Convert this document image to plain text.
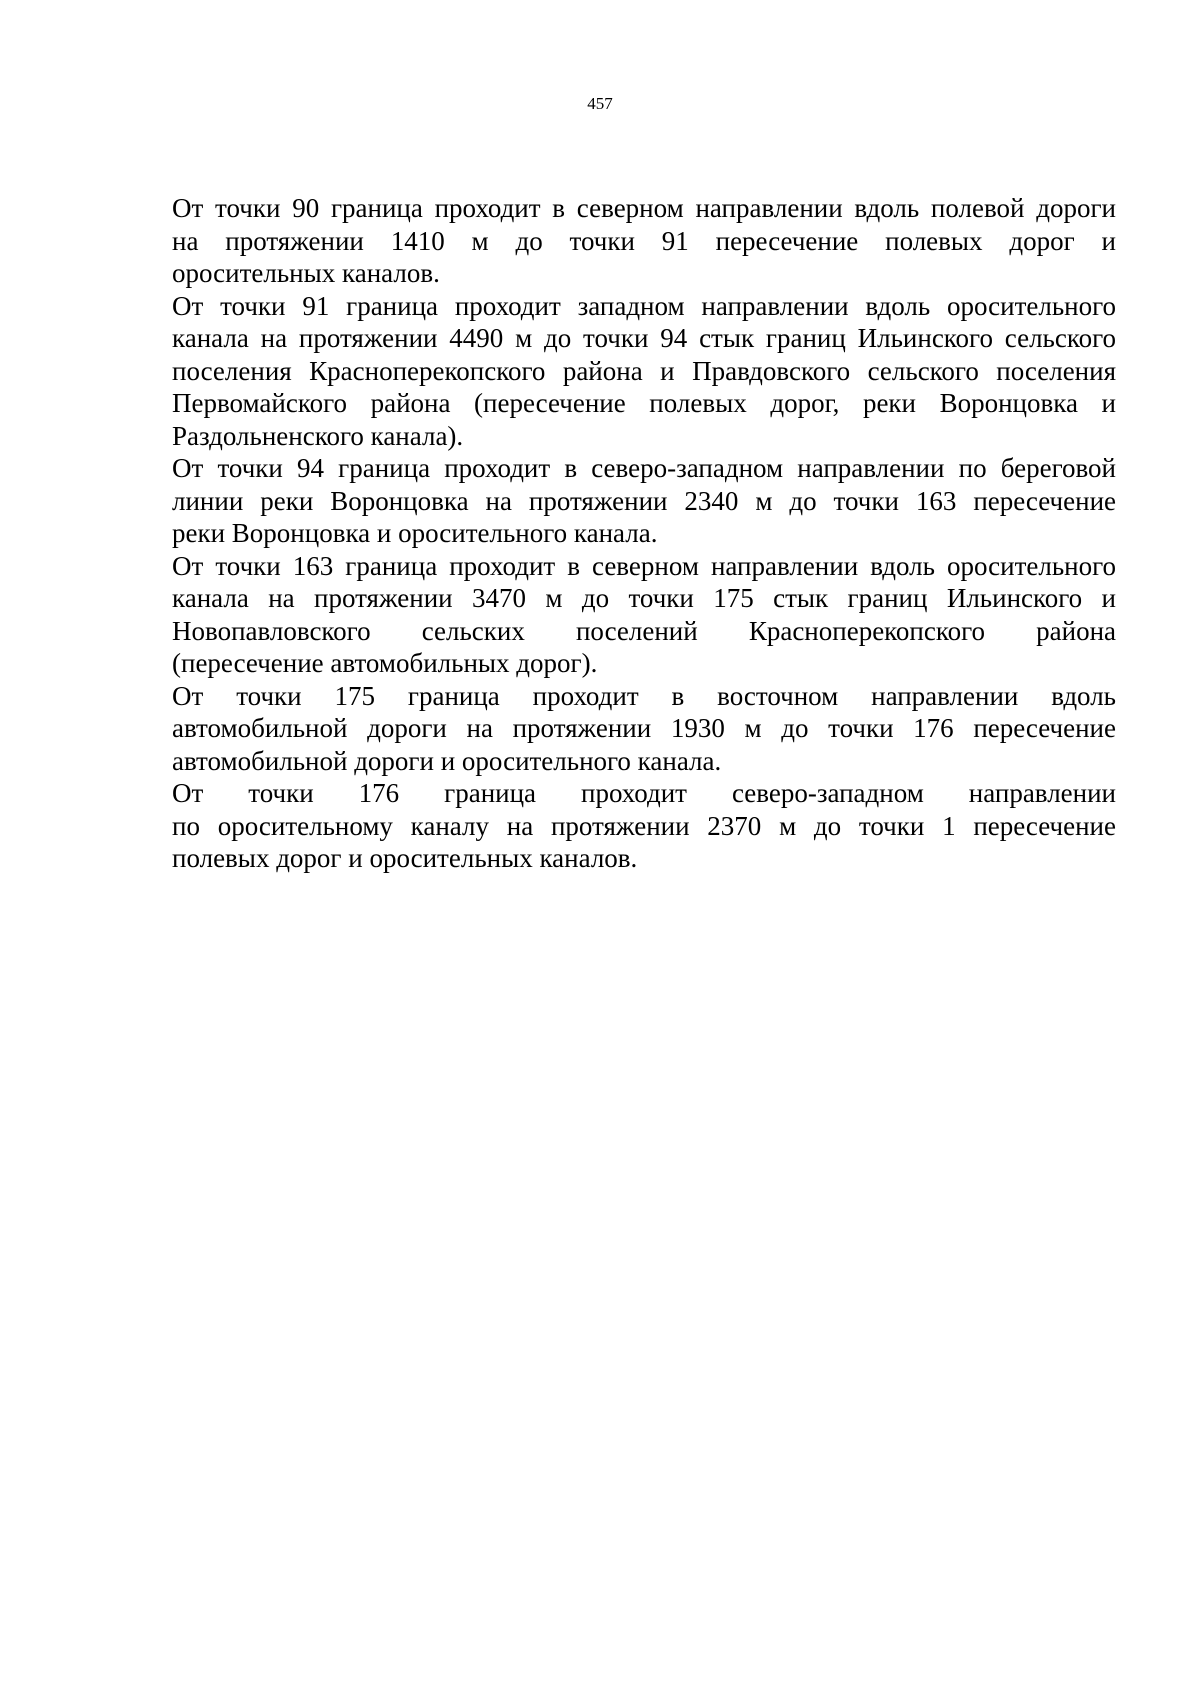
457

От точки 90 граница проходит в северном направлении вдоль полевой дороги
на протяжении 1410 м до точки 91 пересечение полевых дорог и
оросительных каналов.

От точки 91 граница проходит западном направлении вдоль оросительного
канала на протяжении 4490 м до точки 94 стык границ Ильинского сельского
поселения Красноперекопского района и Правдовского сельского поселения
Первомайского района (пересечение полевых дорог, реки Воронцовка и
Раздольненского канала).

От точки 94 граница проходит в северо-западном направлении по береговой
линии реки Воронцовка на протяжении 2340 м до точки 163 пересечение
реки Воронцовка и оросительного канала.

От точки 163 граница проходит в северном направлении вдоль оросительного
канала на протяжении 3470 м до точки 175 стык границ Ильинского и
Новопавловского сельских поселений Красноперекопского района
(пересечение автомобильных дорог).

От точки 175 граница проходит в восточном направлении вдоль
автомобильной дороги на протяжении 1930 м до точки 176 пересечение
автомобильной дороги и оросительного канала.

От точки 176 граница проходит северо-западном направлении
по оросительному каналу на протяжении 2370 м до точки 1 пересечение
полевых дорог и оросительных каналов.
